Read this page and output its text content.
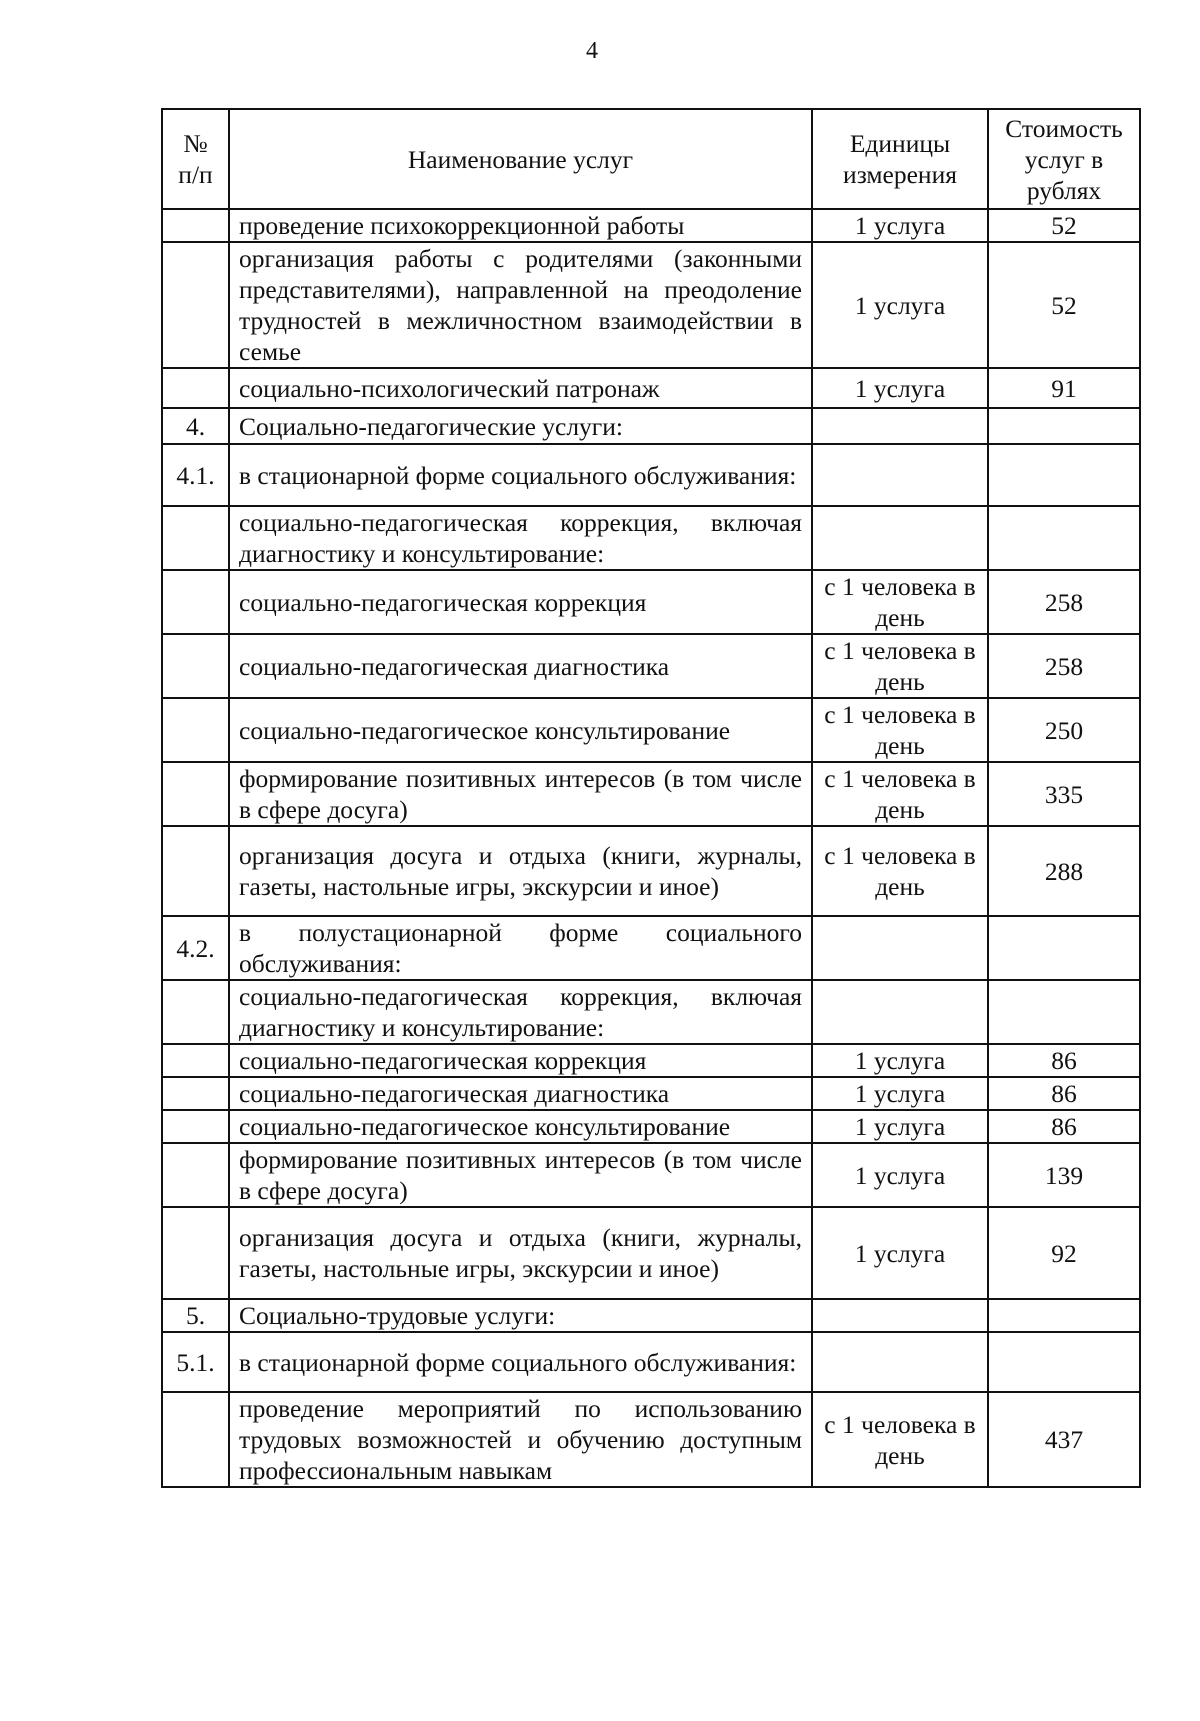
4
№ п/п	Наименование услуг	Единицы измерения	Стоимость услуг в рублях
	проведение психокоррекционной работы	1 услуга	52
	организация работы с родителями (законными представителями), направленной на преодоление трудностей в межличностном взаимодействии в семье	1 услуга	52
	социально-психологический патронаж	1 услуга	91
4.	Социально-педагогические услуги:		
4.1.	в стационарной форме социального обслуживания:		
	социально-педагогическая коррекция, включая диагностику и консультирование:		
	социально-педагогическая коррекция	с 1 человека в день	258
	социально-педагогическая диагностика	с 1 человека в день	258
	социально-педагогическое консультирование	с 1 человека в день	250
	формирование позитивных интересов (в том числе в сфере досуга)	с 1 человека в день	335
	организация досуга и отдыха (книги, журналы, газеты, настольные игры, экскурсии и иное)	с 1 человека в день	288
4.2.	в полустационарной форме социального обслуживания:		
	социально-педагогическая коррекция, включая диагностику и консультирование:		
	социально-педагогическая коррекция	1 услуга	86
	социально-педагогическая диагностика	1 услуга	86
	социально-педагогическое консультирование	1 услуга	86
	формирование позитивных интересов (в том числе в сфере досуга)	1 услуга	139
	организация досуга и отдыха (книги, журналы, газеты, настольные игры, экскурсии и иное)	1 услуга	92
5.	Социально-трудовые услуги:		
5.1.	в стационарной форме социального обслуживания:		
	проведение мероприятий по использованию трудовых возможностей и обучению доступным профессиональным навыкам	с 1 человека в день	437
